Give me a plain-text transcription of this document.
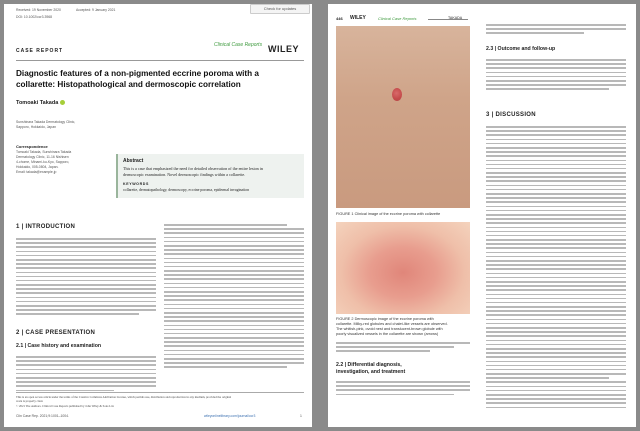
Received: 19 November 2020	Accepted: 9 January 2021
DOI: 10.1002/ccr3.3968
Check for updates
CASE REPORT
Clinical Case Reports WILEY
Diagnostic features of a non-pigmented eccrine poroma with a
collarette: Histopathological and dermoscopic correlation
Tomoaki Takada
Sunshinara Takada Dermatology Clinic,
Sapporo, Hokkaido, Japan
Correspondence
Tomoaki Takada, Sunshinara Takada
Dermatology Clinic, 11-16 Nishisen
4-chome, Minami-ku-Kyo, Sapporo,
Hokkaido, 005-0804, Japan.
Email: takada@example.jp
Abstract
This is a case that emphasized the need for detailed observation of the entire lesion in
dermoscopic examination. Novel dermoscopic findings within a collarette.
KEYWORDS
collarette, dermatopathology, dermoscopy, eccrine poroma, epidermal invagination
1 | INTRODUCTION
2 | CASE PRESENTATION
2.1 | Case history and examination
This is an open access article under the terms of the Creative Commons Attribution License, which permits use, distribution and reproduction in any medium, provided the original
work is properly cited.
© 2021 The Authors. Clinical Case Reports published by John Wiley & Sons Ltd.
Clin Case Rep. 2021;9:1001–1004.	wileyonlinelibrary.com/journal/ccr3	1
446 WILEY	Clinical Case Reports	TAKADA
FIGURE 1 Clinical image of the eccrine poroma with collarette
FIGURE 2 Dermoscopic image of the eccrine poroma with
collarette. Milky-red globules and chalet-like vessels are observed.
The whitish-pink, ovoid nest and translucent-brown globule with
poorly visualized vessels in the collarette are shown (arrows)
2.2 | Differential diagnosis,
investigation, and treatment
2.3 | Outcome and follow-up
3 | DISCUSSION
